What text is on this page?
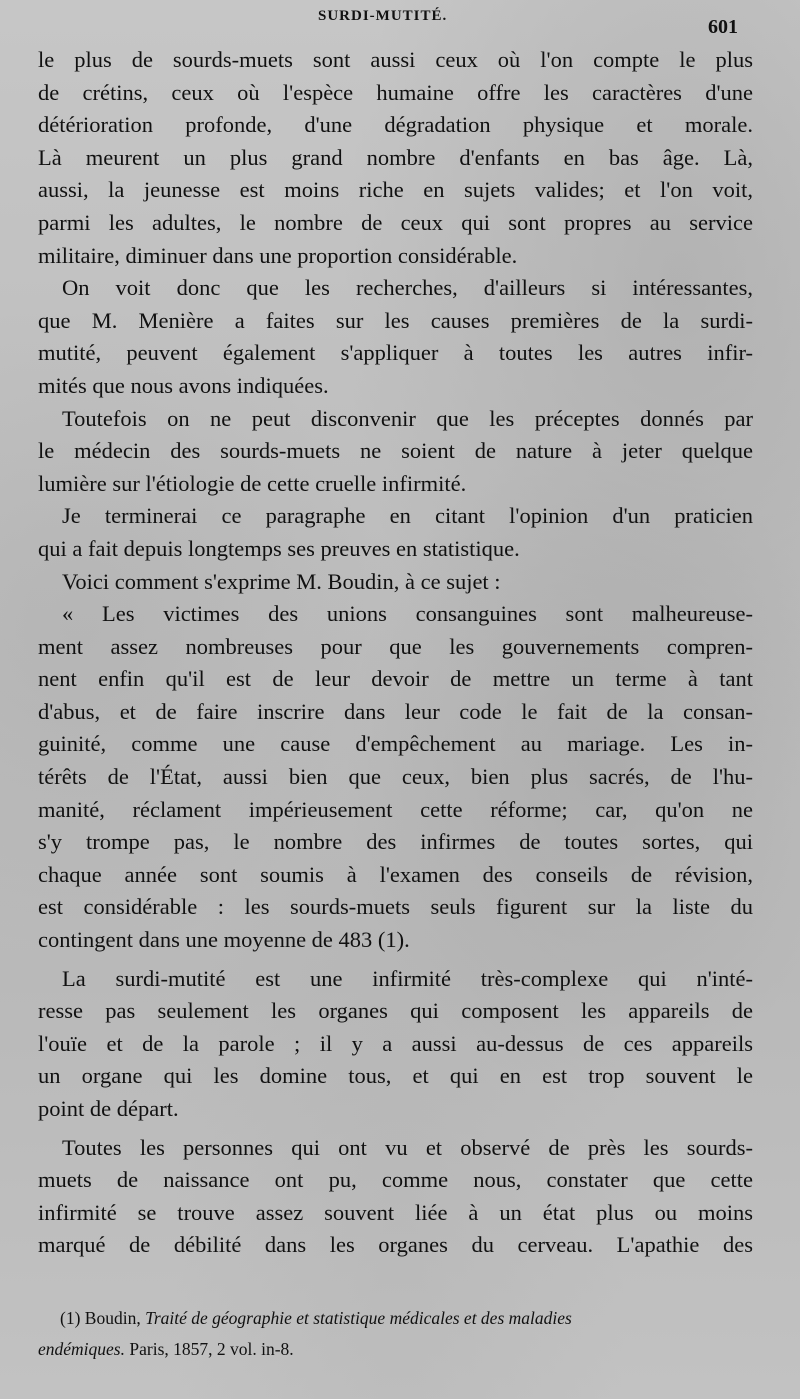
SURDI-MUTITÉ.	601
le plus de sourds-muets sont aussi ceux où l'on compte le plus
de crétins, ceux où l'espèce humaine offre les caractères d'une
détérioration profonde, d'une dégradation physique et morale.
Là meurent un plus grand nombre d'enfants en bas âge. Là,
aussi, la jeunesse est moins riche en sujets valides; et l'on voit,
parmi les adultes, le nombre de ceux qui sont propres au service
militaire, diminuer dans une proportion considérable.
On voit donc que les recherches, d'ailleurs si intéressantes,
que M. Menière a faites sur les causes premières de la surdi-
mutité, peuvent également s'appliquer à toutes les autres infir-
mités que nous avons indiquées.
Toutefois on ne peut disconvenir que les préceptes donnés par
le médecin des sourds-muets ne soient de nature à jeter quelque
lumière sur l'étiologie de cette cruelle infirmité.
Je terminerai ce paragraphe en citant l'opinion d'un praticien
qui a fait depuis longtemps ses preuves en statistique.
Voici comment s'exprime M. Boudin, à ce sujet :
« Les victimes des unions consanguines sont malheureuse-
ment assez nombreuses pour que les gouvernements compren-
nent enfin qu'il est de leur devoir de mettre un terme à tant
d'abus, et de faire inscrire dans leur code le fait de la consan-
guinité, comme une cause d'empêchement au mariage. Les in-
térêts de l'État, aussi bien que ceux, bien plus sacrés, de l'hu-
manité, réclament impérieusement cette réforme; car, qu'on ne
s'y trompe pas, le nombre des infirmes de toutes sortes, qui
chaque année sont soumis à l'examen des conseils de révision,
est considérable : les sourds-muets seuls figurent sur la liste du
contingent dans une moyenne de 483 (1).
La surdi-mutité est une infirmité très-complexe qui n'inté-
resse pas seulement les organes qui composent les appareils de
l'ouïe et de la parole ; il y a aussi au-dessus de ces appareils
un organe qui les domine tous, et qui en est trop souvent le
point de départ.
Toutes les personnes qui ont vu et observé de près les sourds-
muets de naissance ont pu, comme nous, constater que cette
infirmité se trouve assez souvent liée à un état plus ou moins
marqué de débilité dans les organes du cerveau. L'apathie des
(1) Boudin, Traité de géographie et statistique médicales et des maladies
endémiques. Paris, 1857, 2 vol. in-8.
